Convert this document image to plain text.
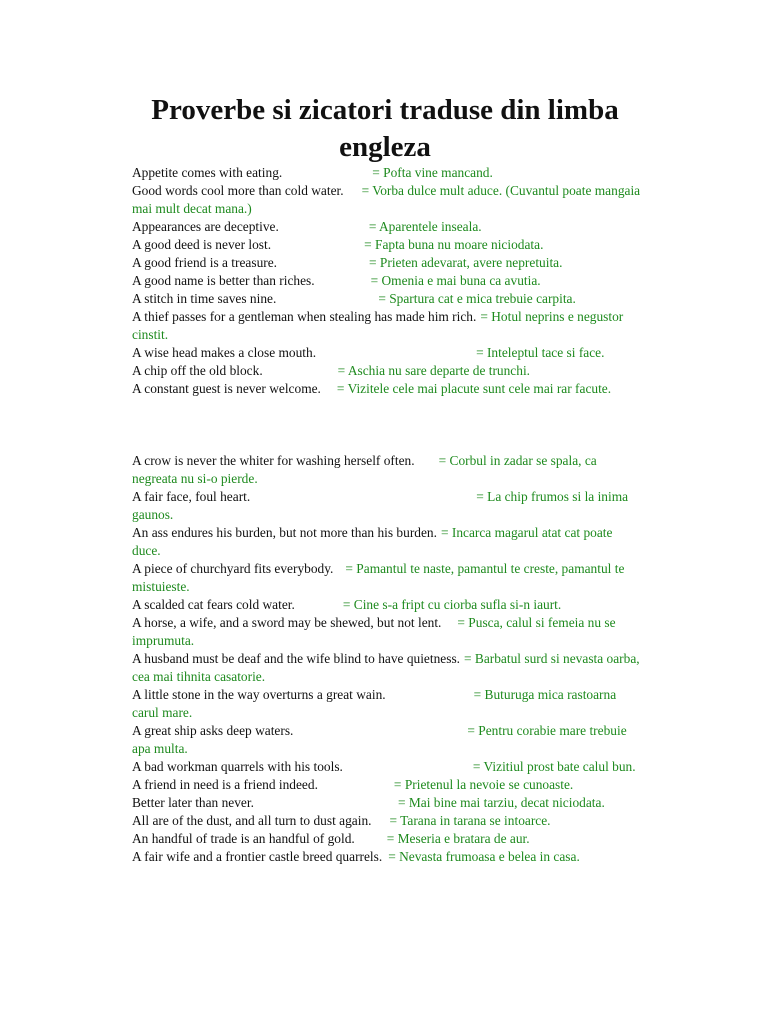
Proverbe si zicatori traduse din limba engleza

Appetite comes with eating.	= Pofta vine mancand.

Good words cool more than cold water. = Vorba dulce mult aduce. (Cuvantul poate mangaia mai mult decat mana.)

Appearances are deceptive.	= Aparentele inseala.

A good deed is never lost.	= Fapta buna nu moare niciodata.

A good friend is a treasure.	= Prieten adevarat, avere nepretuita.

A good name is better than riches.	= Omenia e mai buna ca avutia.

A stitch in time saves nine.	= Spartura cat e mica trebuie carpita.

A thief passes for a gentleman when stealing has made him rich. = Hotul neprins e negustor cinstit.

A wise head makes a close mouth.	= Inteleptul tace si face.

A chip off the old block.	= Aschia nu sare departe de trunchi.

A constant guest is never welcome. = Vizitele cele mai placute sunt cele mai rar facute.

A crow is never the whiter for washing herself often. = Corbul in zadar se spala, ca negreata nu si-o pierde.

A fair face, foul heart.	= La chip frumos si la inima gaunos.

An ass endures his burden, but not more than his burden. = Incarca magarul atat cat poate duce.

A piece of churchyard fits everybody. = Pamantul te naste, pamantul te creste, pamantul te mistuieste.

A scalded cat fears cold water.	= Cine s-a fript cu ciorba sufla si-n iaurt.

A horse, a wife, and a sword may be shewed, but not lent. = Pusca, calul si femeia nu se imprumuta.

A husband must be deaf and the wife blind to have quietness. = Barbatul surd si nevasta oarba, cea mai tihnita casatorie.

A little stone in the way overturns a great wain.	= Buturuga mica rastoarna carul mare.

A great ship asks deep waters.	= Pentru corabie mare trebuie apa multa.

A bad workman quarrels with his tools.	= Vizitiul prost bate calul bun.

A friend in need is a friend indeed.	= Prietenul la nevoie se cunoaste.

Better later than never.	= Mai bine mai tarziu, decat niciodata.

All are of the dust, and all turn to dust again. = Tarana in tarana se intoarce.

An handful of trade is an handful of gold. = Meseria e bratara de aur.

A fair wife and a frontier castle breed quarrels. = Nevasta frumoasa e belea in casa.
